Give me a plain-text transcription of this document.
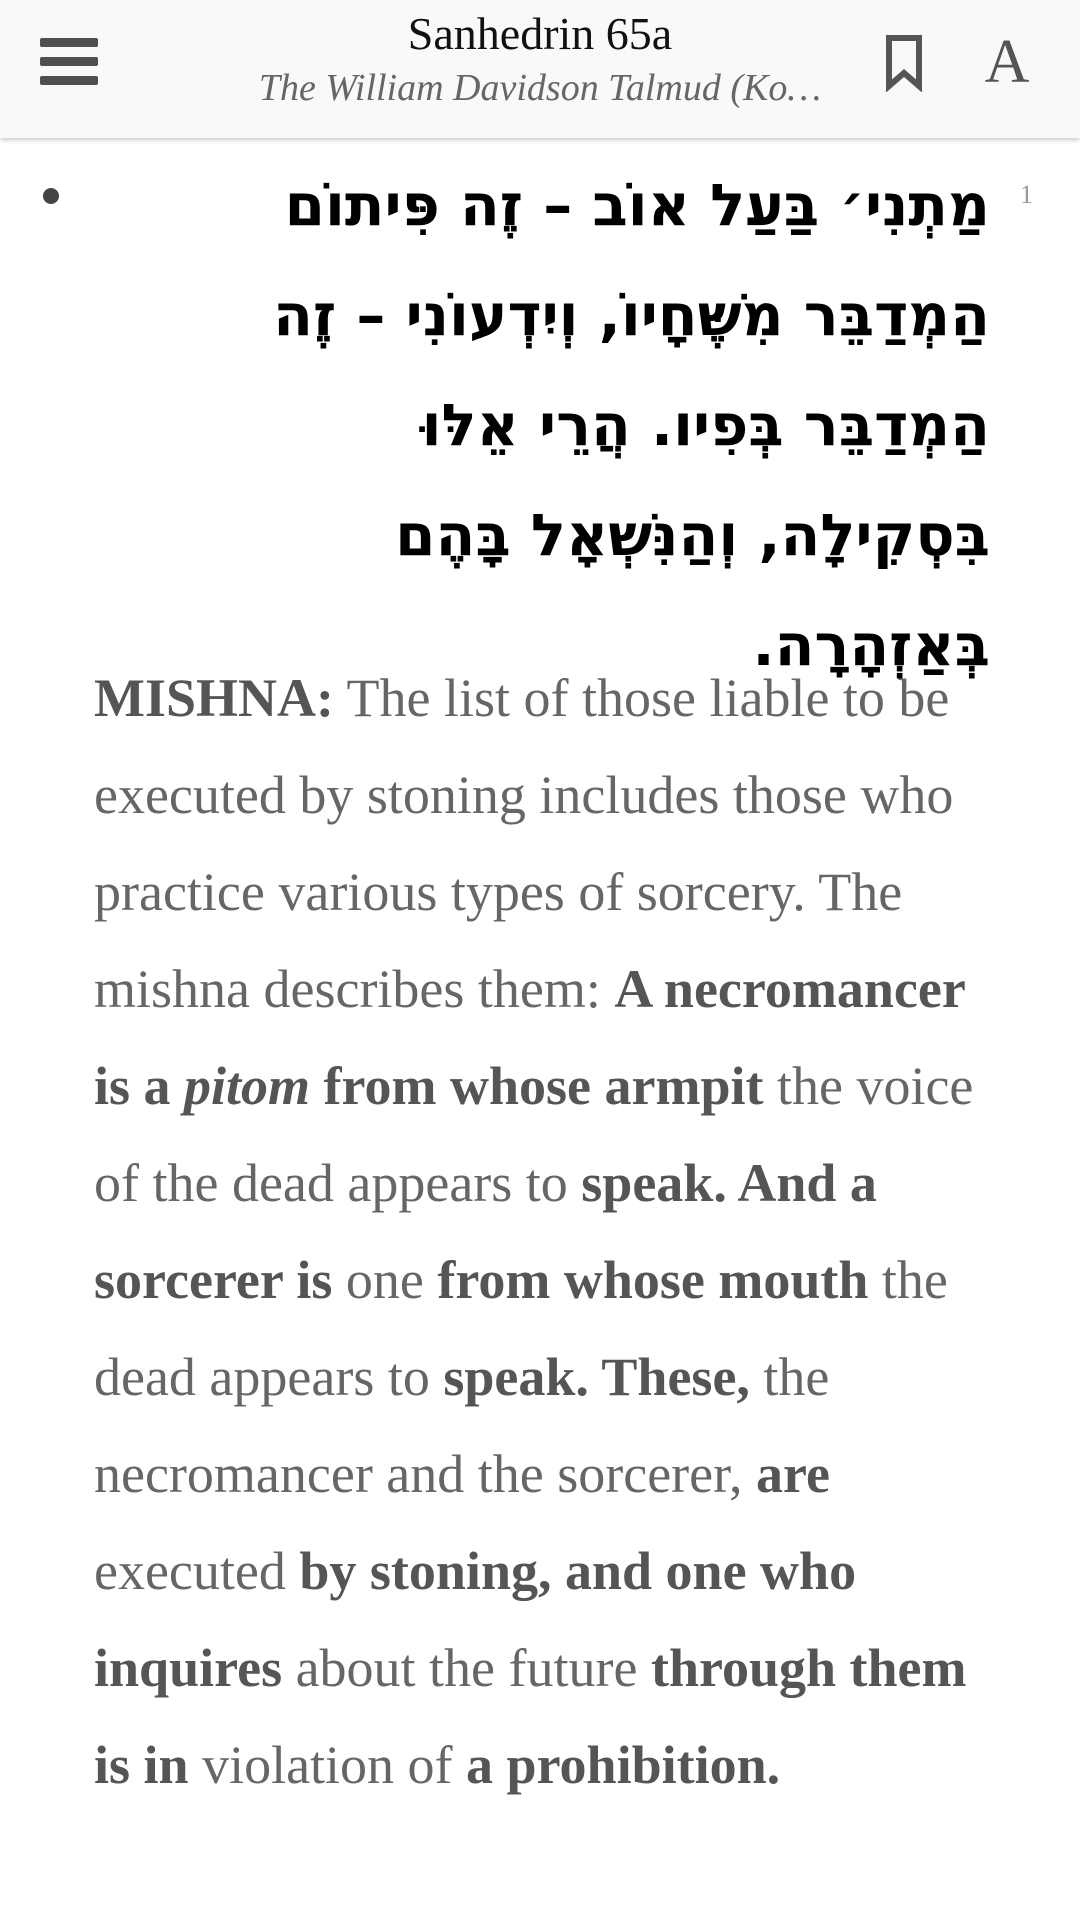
Sanhedrin 65a
The William Davidson Talmud (Ko…	A
1
מַתְנִי׳ בַּעַל אוֹב – זֶה פִּיתוֹם הַמְדַבֵּר מִשֶּׁחָיוֹ, וְיִדְעוֹנִי – זֶה הַמְדַבֵּר בְּפִיו. הֲרֵי אֵלּוּ בִּסְקִילָה, וְהַנִּשְׁאָל בָּהֶם בְּאַזְהָרָה.
MISHNA: The list of those liable to be executed by stoning includes those who practice various types of sorcery. The mishna describes them: A necromancer is a pitom from whose armpit the voice of the dead appears to speak. And a sorcerer is one from whose mouth the dead appears to speak. These, the necromancer and the sorcerer, are executed by stoning, and one who inquires about the future through them is in violation of a prohibition.
